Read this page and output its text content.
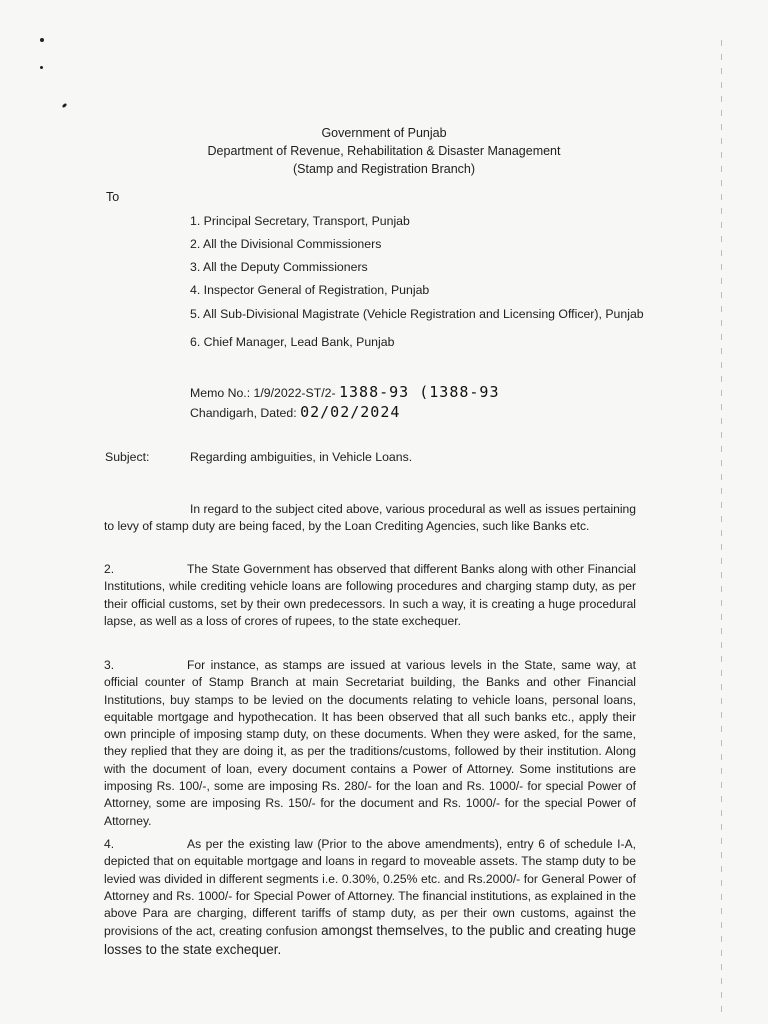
Government of Punjab
Department of Revenue, Rehabilitation & Disaster Management
(Stamp and Registration Branch)
To
1. Principal Secretary, Transport, Punjab
2. All the Divisional Commissioners
3. All the Deputy Commissioners
4. Inspector General of Registration, Punjab
5. All Sub-Divisional Magistrate (Vehicle Registration and Licensing Officer), Punjab
6. Chief Manager, Lead Bank, Punjab
Memo No.: 1/9/2022-ST/2- 1388-93 (1388-93
Chandigarh, Dated: 02/02/2024
Subject:	Regarding ambiguities, in Vehicle Loans.

In regard to the subject cited above, various procedural as well as issues pertaining to levy of stamp duty are being faced, by the Loan Crediting Agencies, such like Banks etc.

2.	The State Government has observed that different Banks along with other Financial Institutions, while crediting vehicle loans are following procedures and charging stamp duty, as per their official customs, set by their own predecessors. In such a way, it is creating a huge procedural lapse, as well as a loss of crores of rupees, to the state exchequer.

3.	For instance, as stamps are issued at various levels in the State, same way, at official counter of Stamp Branch at main Secretariat building, the Banks and other Financial Institutions, buy stamps to be levied on the documents relating to vehicle loans, personal loans, equitable mortgage and hypothecation. It has been observed that all such banks etc., apply their own principle of imposing stamp duty, on these documents. When they were asked, for the same, they replied that they are doing it, as per the traditions/customs, followed by their institution. Along with the document of loan, every document contains a Power of Attorney. Some institutions are imposing Rs. 100/-, some are imposing Rs. 280/- for the loan and Rs. 1000/- for special Power of Attorney, some are imposing Rs. 150/- for the document and Rs. 1000/- for the special Power of Attorney.

4.	As per the existing law (Prior to the above amendments), entry 6 of schedule I-A, depicted that on equitable mortgage and loans in regard to moveable assets. The stamp duty to be levied was divided in different segments i.e. 0.30%, 0.25% etc. and Rs.2000/- for General Power of Attorney and Rs. 1000/- for Special Power of Attorney. The financial institutions, as explained in the above Para are charging, different tariffs of stamp duty, as per their own customs, against the provisions of the act, creating confusion amongst themselves, to the public and creating huge losses to the state exchequer.
